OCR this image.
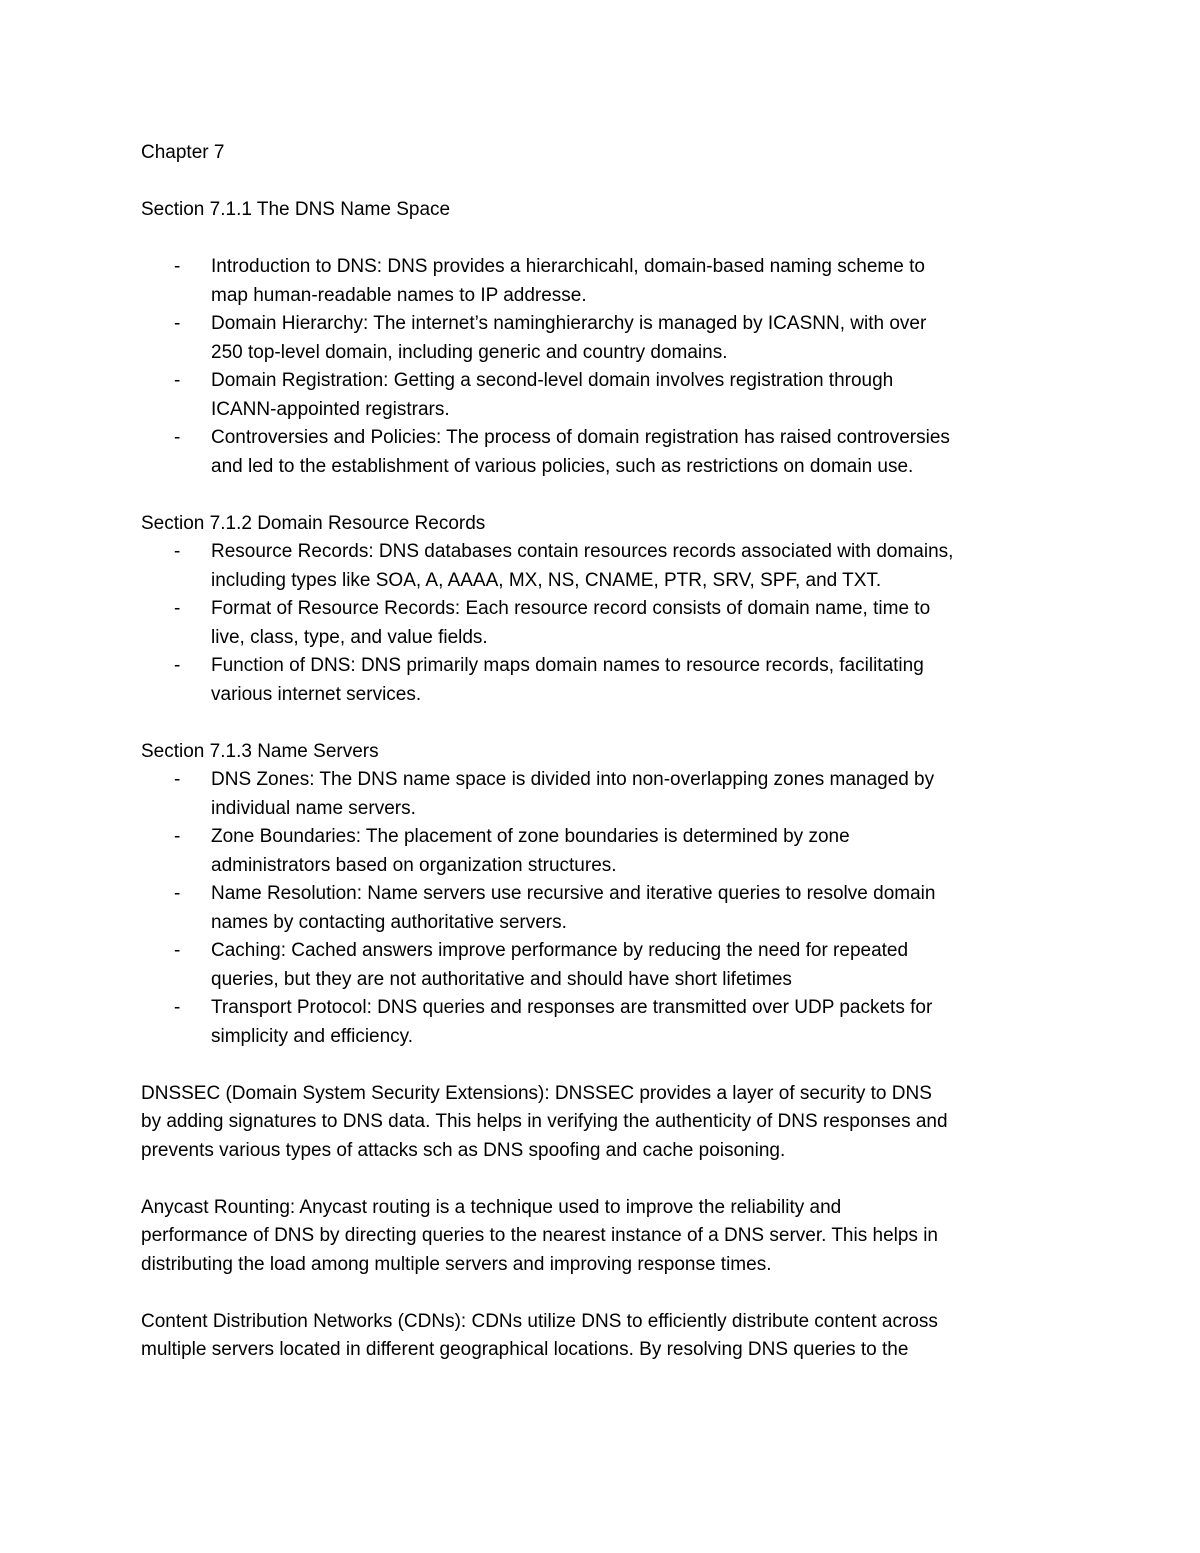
Chapter 7

Section 7.1.1 The DNS Name Space

- Introduction to DNS: DNS provides a hierarchicahl, domain-based naming scheme to
map human-readable names to IP addresse.
- Domain Hierarchy: The internet’s naminghierarchy is managed by ICASNN, with over
250 top-level domain, including generic and country domains.
- Domain Registration: Getting a second-level domain involves registration through
ICANN-appointed registrars.
- Controversies and Policies: The process of domain registration has raised controversies
and led to the establishment of various policies, such as restrictions on domain use.

Section 7.1.2 Domain Resource Records

- Resource Records: DNS databases contain resources records associated with domains,
including types like SOA, A, AAAA, MX, NS, CNAME, PTR, SRV, SPF, and TXT.
- Format of Resource Records: Each resource record consists of domain name, time to
live, class, type, and value fields.
- Function of DNS: DNS primarily maps domain names to resource records, facilitating
various internet services.

Section 7.1.3 Name Servers

- DNS Zones: The DNS name space is divided into non-overlapping zones managed by
individual name servers.
- Zone Boundaries: The placement of zone boundaries is determined by zone
administrators based on organization structures.
- Name Resolution: Name servers use recursive and iterative queries to resolve domain
names by contacting authoritative servers.
- Caching: Cached answers improve performance by reducing the need for repeated
queries, but they are not authoritative and should have short lifetimes
- Transport Protocol: DNS queries and responses are transmitted over UDP packets for
simplicity and efficiency.
DNSSEC (Domain System Security Extensions): DNSSEC provides a layer of security to DNS
by adding signatures to DNS data. This helps in verifying the authenticity of DNS responses and
prevents various types of attacks sch as DNS spoofing and cache poisoning.
Anycast Rounting: Anycast routing is a technique used to improve the reliability and
performance of DNS by directing queries to the nearest instance of a DNS server. This helps in
distributing the load among multiple servers and improving response times.
Content Distribution Networks (CDNs): CDNs utilize DNS to efficiently distribute content across
multiple servers located in different geographical locations. By resolving DNS queries to the
